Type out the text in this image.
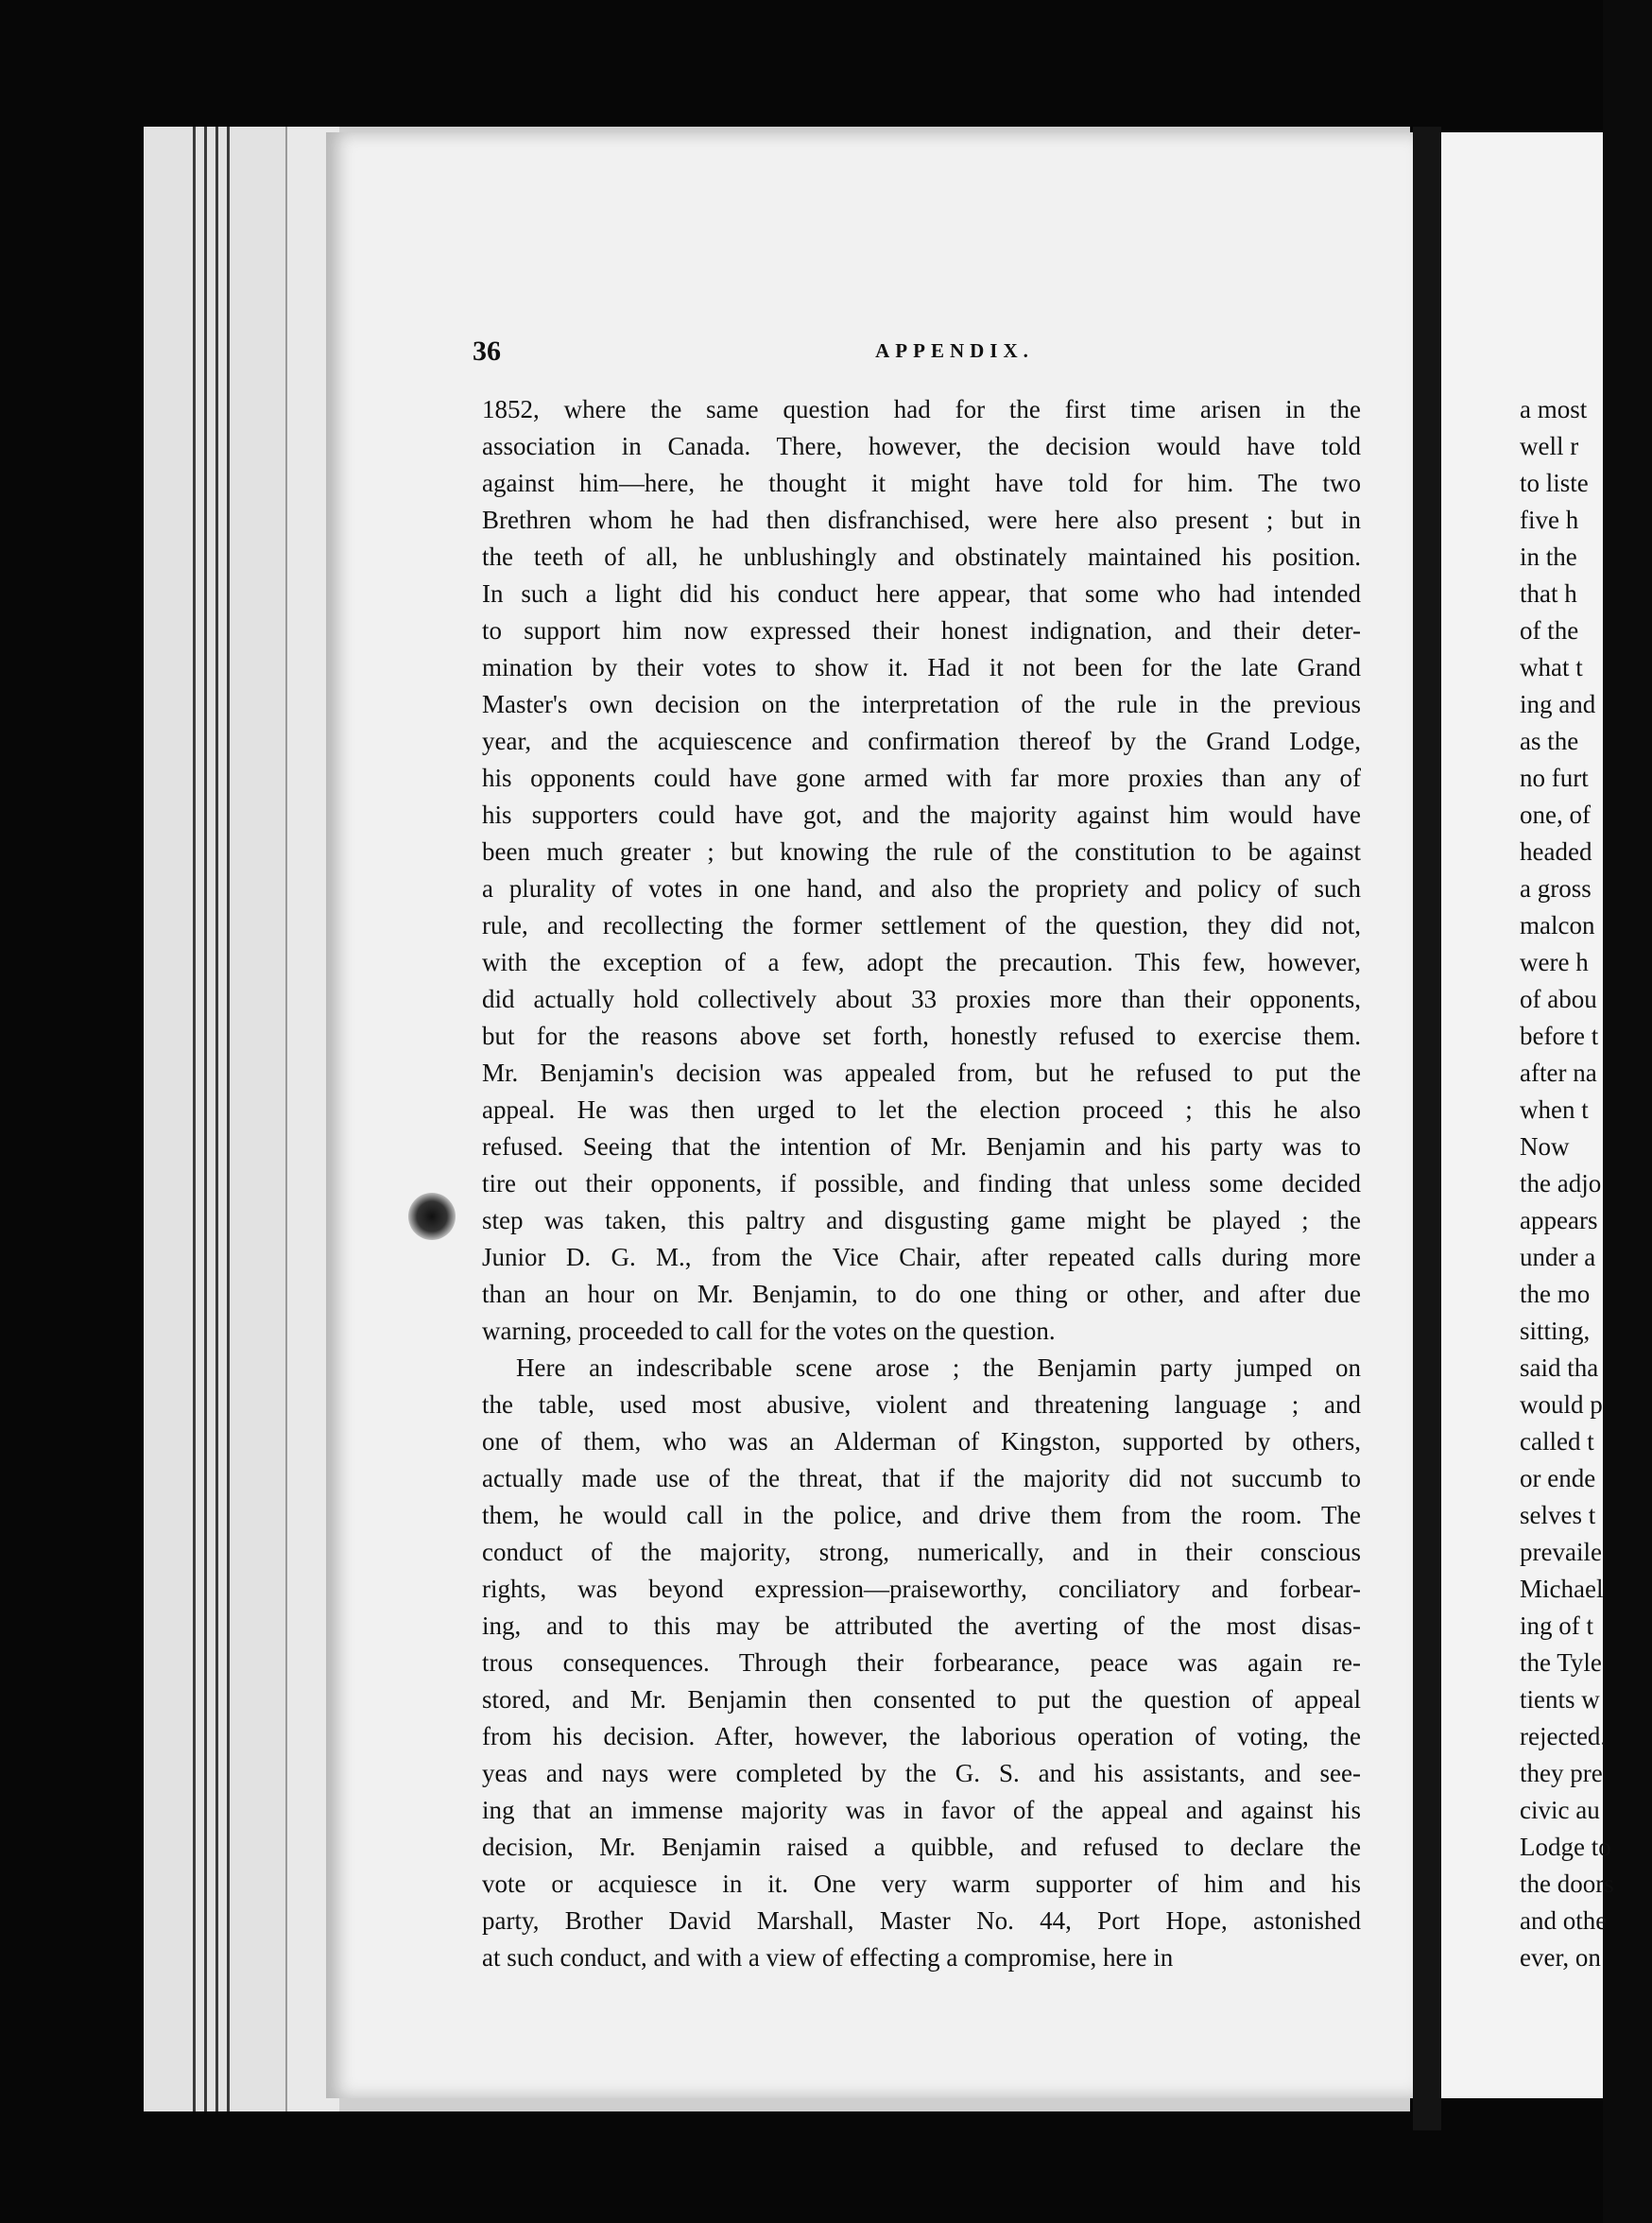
36	APPENDIX.
1852, where the same question had for the first time arisen in the
association in Canada. There, however, the decision would have told
against him—here, he thought it might have told for him. The two
Brethren whom he had then disfranchised, were here also present ; but in
the teeth of all, he unblushingly and obstinately maintained his position.
In such a light did his conduct here appear, that some who had intended
to support him now expressed their honest indignation, and their deter-
mination by their votes to show it. Had it not been for the late Grand
Master's own decision on the interpretation of the rule in the previous
year, and the acquiescence and confirmation thereof by the Grand Lodge,
his opponents could have gone armed with far more proxies than any of
his supporters could have got, and the majority against him would have
been much greater ; but knowing the rule of the constitution to be against
a plurality of votes in one hand, and also the propriety and policy of such
rule, and recollecting the former settlement of the question, they did not,
with the exception of a few, adopt the precaution. This few, however,
did actually hold collectively about 33 proxies more than their opponents,
but for the reasons above set forth, honestly refused to exercise them.
Mr. Benjamin's decision was appealed from, but he refused to put the
appeal. He was then urged to let the election proceed ; this he also
refused. Seeing that the intention of Mr. Benjamin and his party was to
tire out their opponents, if possible, and finding that unless some decided
step was taken, this paltry and disgusting game might be played ; the
Junior D. G. M., from the Vice Chair, after repeated calls during more
than an hour on Mr. Benjamin, to do one thing or other, and after due
warning, proceeded to call for the votes on the question.
Here an indescribable scene arose ; the Benjamin party jumped on
the table, used most abusive, violent and threatening language ; and
one of them, who was an Alderman of Kingston, supported by others,
actually made use of the threat, that if the majority did not succumb to
them, he would call in the police, and drive them from the room. The
conduct of the majority, strong, numerically, and in their conscious
rights, was beyond expression—praiseworthy, conciliatory and forbear-
ing, and to this may be attributed the averting of the most disas-
trous consequences. Through their forbearance, peace was again re-
stored, and Mr. Benjamin then consented to put the question of appeal
from his decision. After, however, the laborious operation of voting, the
yeas and nays were completed by the G. S. and his assistants, and see-
ing that an immense majority was in favor of the appeal and against his
decision, Mr. Benjamin raised a quibble, and refused to declare the
vote or acquiesce in it. One very warm supporter of him and his
party, Brother David Marshall, Master No. 44, Port Hope, astonished
at such conduct, and with a view of effecting a compromise, here in
a most
well r
to liste
five h
in the
that h
of the
what t
ing and
as the
no furt
one, of
headed
a gross
malcon
were h
of abou
before t
after na
when t
Now
the adjo
appears
under a
the mo
sitting,
said tha
would p
called t
or ende
selves t
prevaile
Michael
ing of t
the Tyle
tients w
rejected.
they pre
civic au
Lodge to
the doors
and othe
ever, on
